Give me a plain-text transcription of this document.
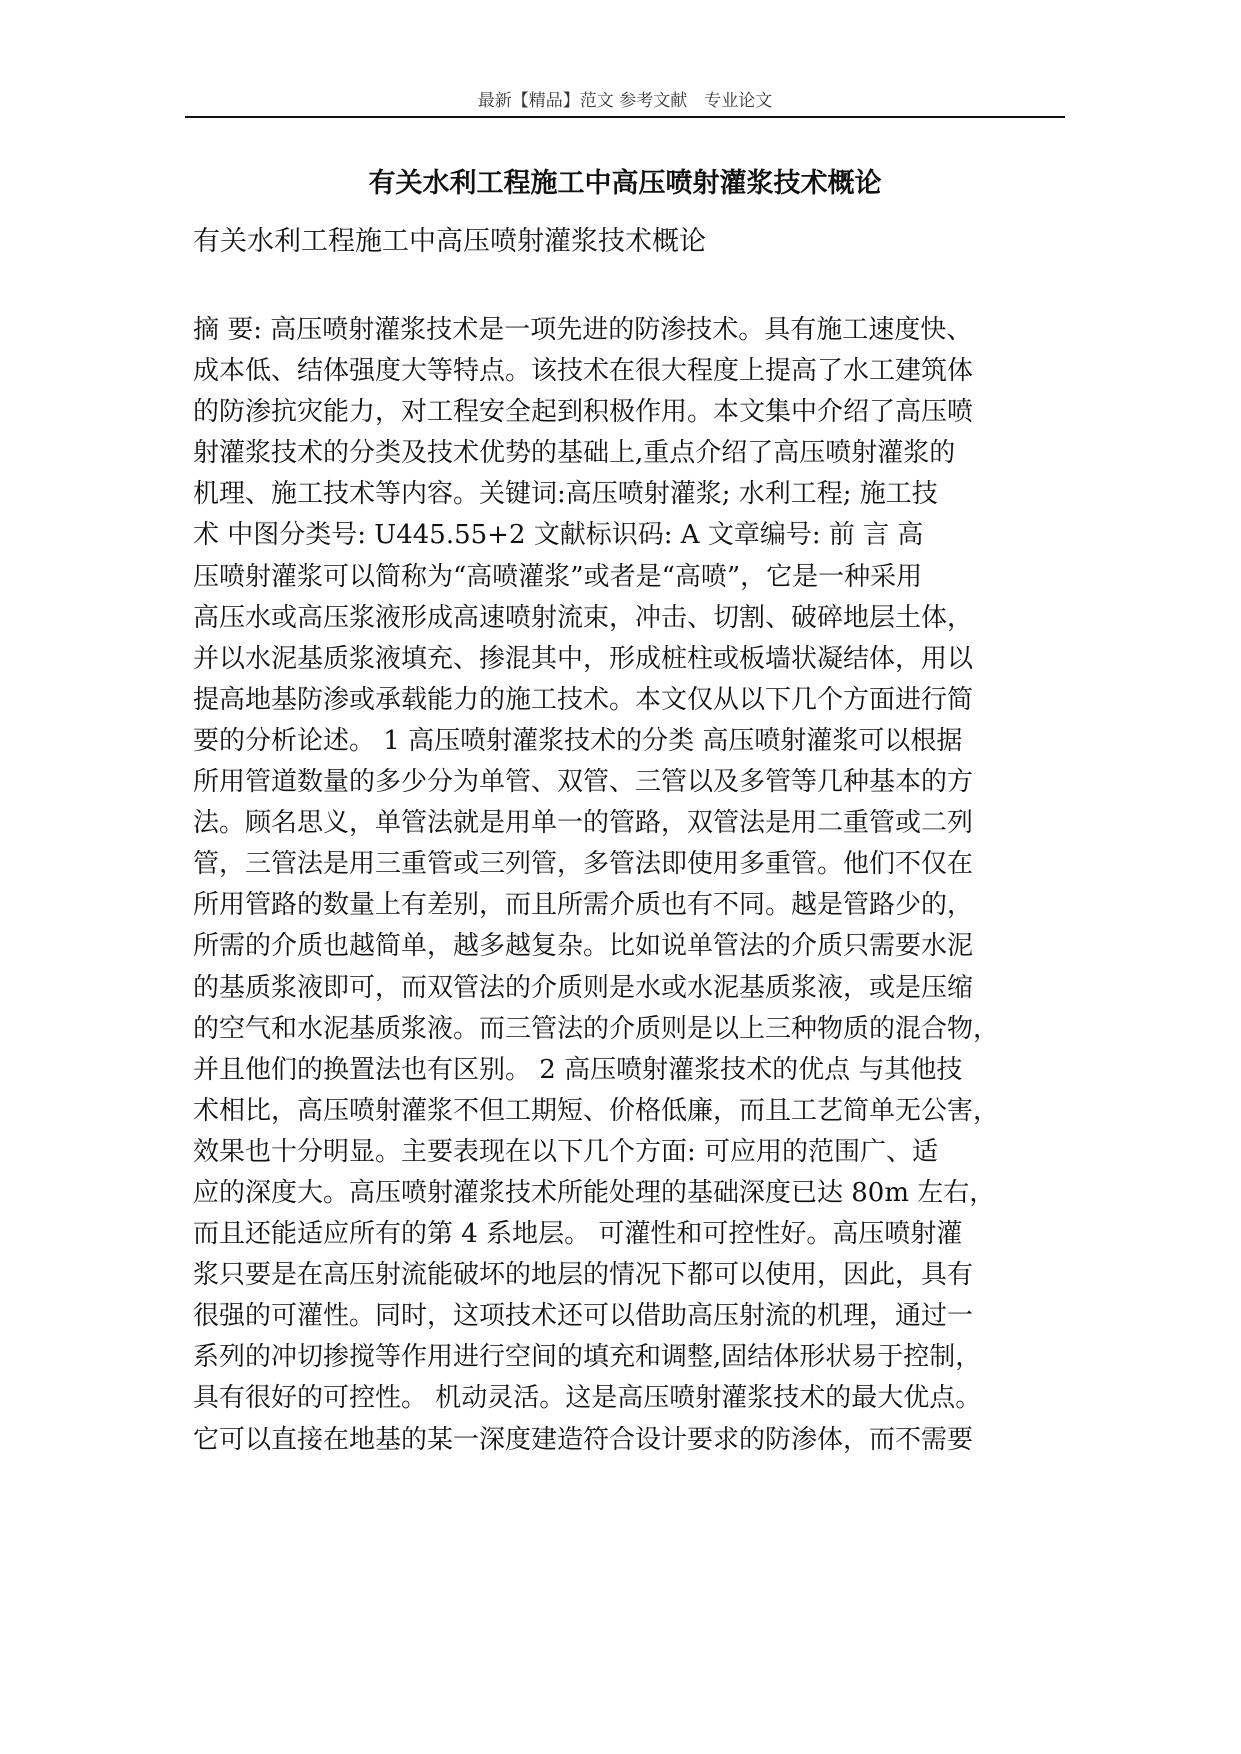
最新【精品】范文 参考文献　专业论文
有关水利工程施工中高压喷射灌浆技术概论

有关水利工程施工中高压喷射灌浆技术概论

摘 要: 高压喷射灌浆技术是一项先进的防渗技术。具有施工速度快、
成本低、结体强度大等特点。该技术在很大程度上提高了水工建筑体
的防渗抗灾能力，对工程安全起到积极作用。本文集中介绍了高压喷
射灌浆技术的分类及技术优势的基础上,重点介绍了高压喷射灌浆的
机理、施工技术等内容。关键词:高压喷射灌浆; 水利工程; 施工技
术 中图分类号: U445.55+2 文献标识码: A 文章编号: 前 言 高
压喷射灌浆可以简称为“高喷灌浆”或者是“高喷”，它是一种采用
高压水或高压浆液形成高速喷射流束，冲击、切割、破碎地层土体，
并以水泥基质浆液填充、掺混其中，形成桩柱或板墙状凝结体，用以
提高地基防渗或承载能力的施工技术。本文仅从以下几个方面进行简
要的分析论述。 1 高压喷射灌浆技术的分类 高压喷射灌浆可以根据
所用管道数量的多少分为单管、双管、三管以及多管等几种基本的方
法。顾名思义，单管法就是用单一的管路，双管法是用二重管或二列
管，三管法是用三重管或三列管，多管法即使用多重管。他们不仅在
所用管路的数量上有差别，而且所需介质也有不同。越是管路少的，
所需的介质也越简单，越多越复杂。比如说单管法的介质只需要水泥
的基质浆液即可，而双管法的介质则是水或水泥基质浆液，或是压缩
的空气和水泥基质浆液。而三管法的介质则是以上三种物质的混合物，
并且他们的换置法也有区别。 2 高压喷射灌浆技术的优点 与其他技
术相比，高压喷射灌浆不但工期短、价格低廉，而且工艺简单无公害，
效果也十分明显。主要表现在以下几个方面: 可应用的范围广、适
应的深度大。高压喷射灌浆技术所能处理的基础深度已达 80m 左右，
而且还能适应所有的第 4 系地层。 可灌性和可控性好。高压喷射灌
浆只要是在高压射流能破坏的地层的情况下都可以使用，因此，具有
很强的可灌性。同时，这项技术还可以借助高压射流的机理，通过一
系列的冲切掺搅等作用进行空间的填充和调整,固结体形状易于控制，
具有很好的可控性。 机动灵活。这是高压喷射灌浆技术的最大优点。
它可以直接在地基的某一深度建造符合设计要求的防渗体，而不需要
